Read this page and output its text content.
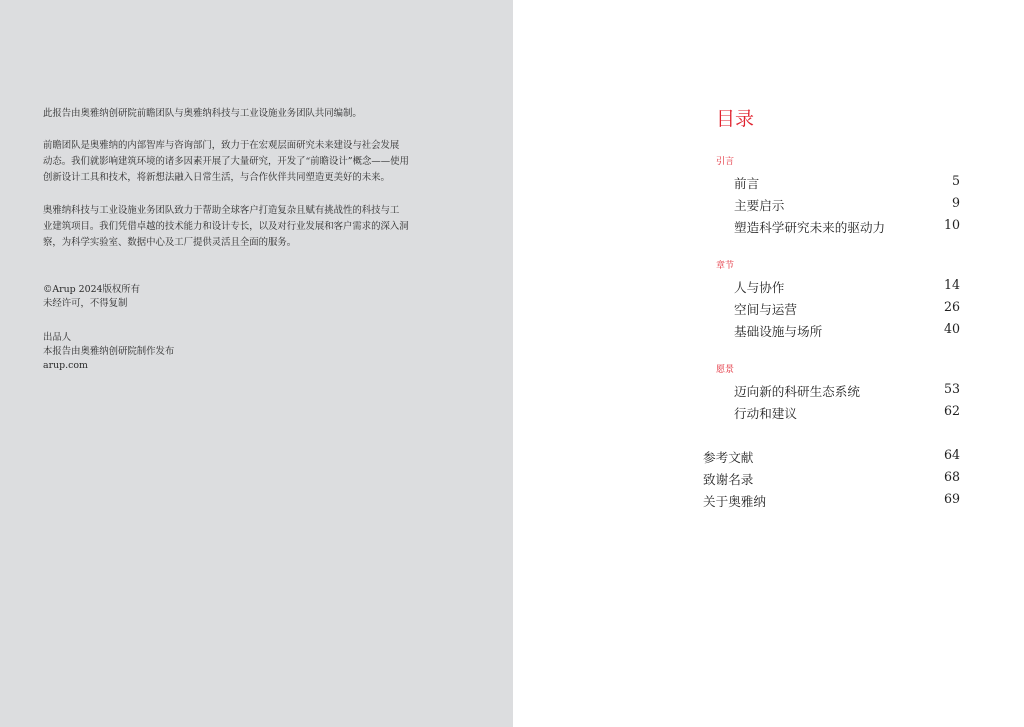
此报告由奥雅纳创研院前瞻团队与奥雅纳科技与工业设施业务团队共同编制。

前瞻团队是奥雅纳的内部智库与咨询部门，致力于在宏观层面研究未来建设与社会发展

动态。我们就影响建筑环境的诸多因素开展了大量研究，开发了“前瞻设计”概念——使用

创新设计工具和技术，将新想法融入日常生活，与合作伙伴共同塑造更美好的未来。

奥雅纳科技与工业设施业务团队致力于帮助全球客户打造复杂且赋有挑战性的科技与工

业建筑项目。我们凭借卓越的技术能力和设计专长，以及对行业发展和客户需求的深入洞

察，为科学实验室、数据中心及工厂提供灵活且全面的服务。

©Arup 2024版权所有

未经许可，不得复制

出品人

本报告由奥雅纳创研院制作发布

arup.com

目录

引言

前言	5
主要启示	9
塑造科学研究未来的驱动力	10

章节

人与协作	14
空间与运营	26
基础设施与场所	40

愿景

迈向新的科研生态系统	53
行动和建议	62
参考文献	64
致谢名录	68
关于奥雅纳	69
